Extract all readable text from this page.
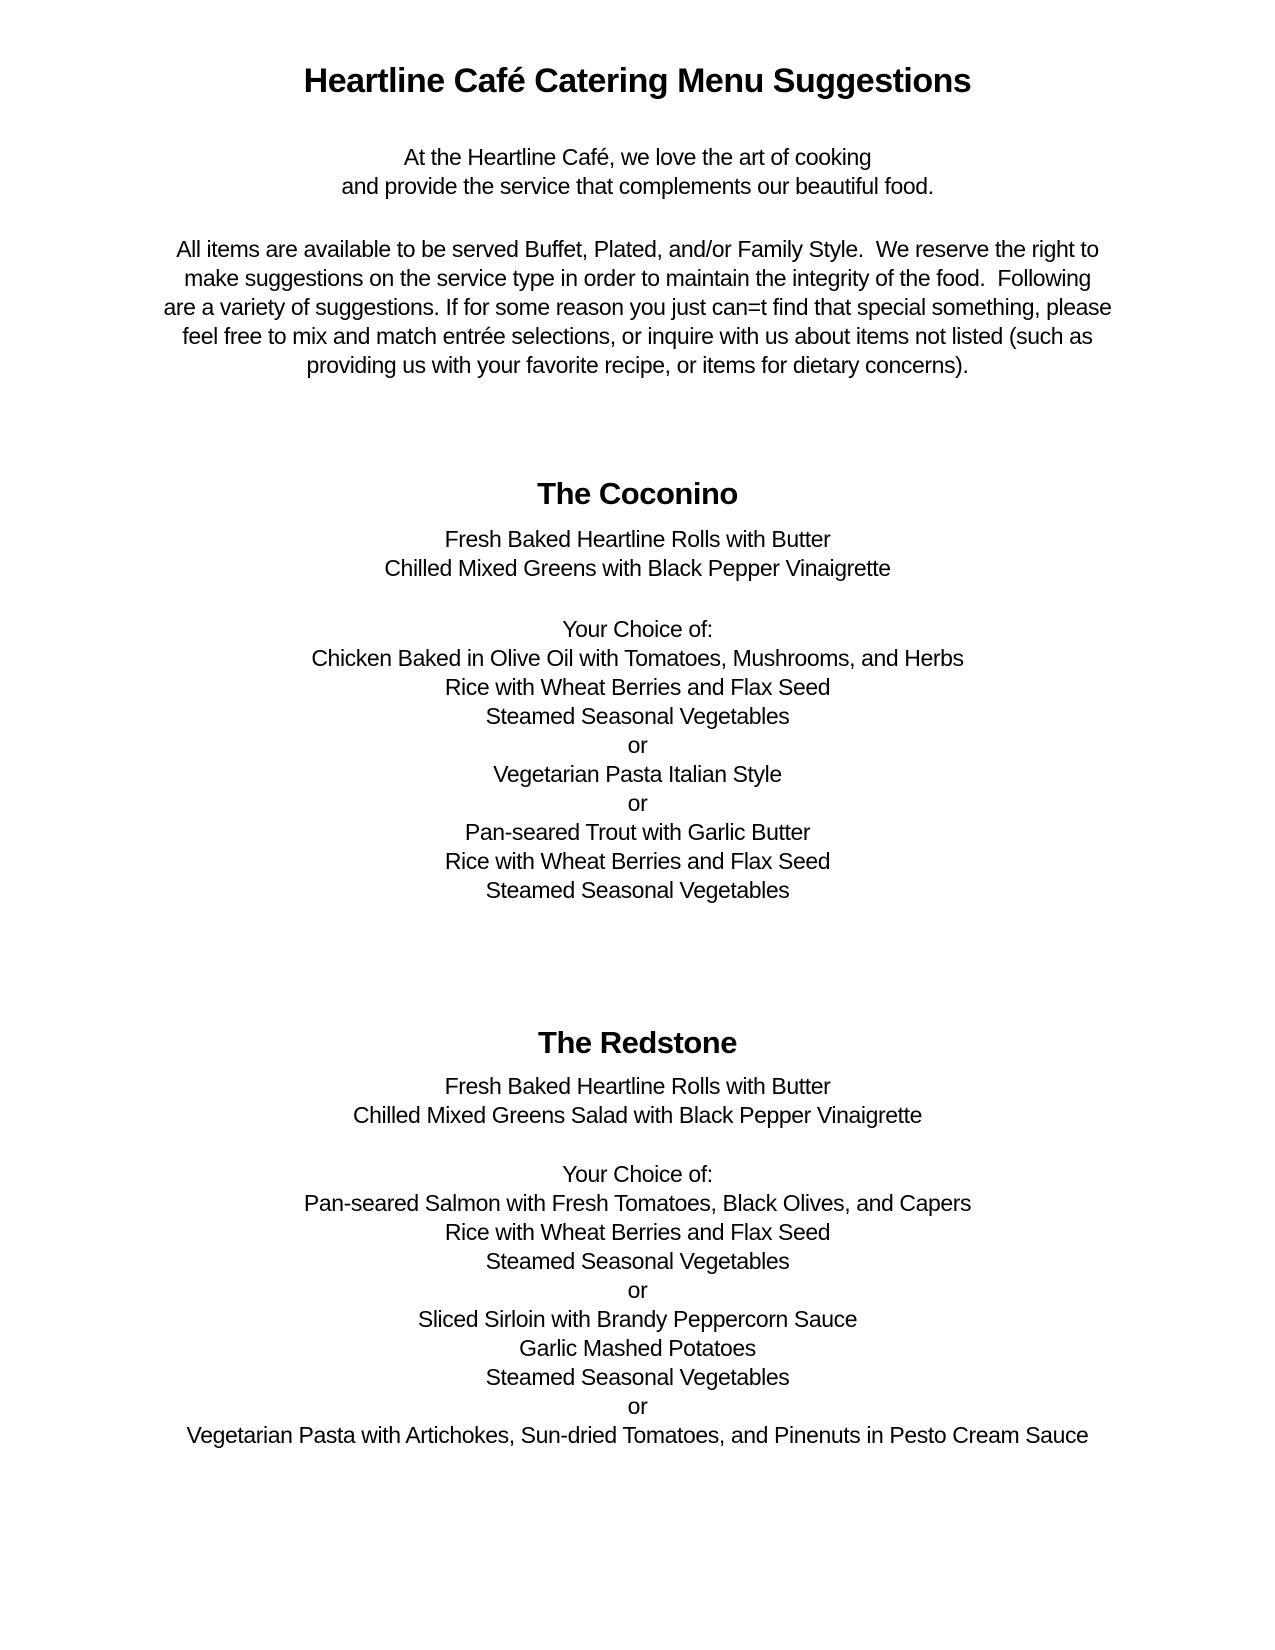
Heartline Café Catering Menu Suggestions
At the Heartline Café, we love the art of cooking
and provide the service that complements our beautiful food.
All items are available to be served Buffet, Plated, and/or Family Style.  We reserve the right to
make suggestions on the service type in order to maintain the integrity of the food.  Following
are a variety of suggestions. If for some reason you just can=t find that special something, please
feel free to mix and match entrée selections, or inquire with us about items not listed (such as
providing us with your favorite recipe, or items for dietary concerns).
The Coconino
Fresh Baked Heartline Rolls with Butter
Chilled Mixed Greens with Black Pepper Vinaigrette
Your Choice of:
Chicken Baked in Olive Oil with Tomatoes, Mushrooms, and Herbs
Rice with Wheat Berries and Flax Seed
Steamed Seasonal Vegetables
or
Vegetarian Pasta Italian Style
or
Pan-seared Trout with Garlic Butter
Rice with Wheat Berries and Flax Seed
Steamed Seasonal Vegetables
The Redstone
Fresh Baked Heartline Rolls with Butter
Chilled Mixed Greens Salad with Black Pepper Vinaigrette
Your Choice of:
Pan-seared Salmon with Fresh Tomatoes, Black Olives, and Capers
Rice with Wheat Berries and Flax Seed
Steamed Seasonal Vegetables
or
Sliced Sirloin with Brandy Peppercorn Sauce
Garlic Mashed Potatoes
Steamed Seasonal Vegetables
or
Vegetarian Pasta with Artichokes, Sun-dried Tomatoes, and Pinenuts in Pesto Cream Sauce
